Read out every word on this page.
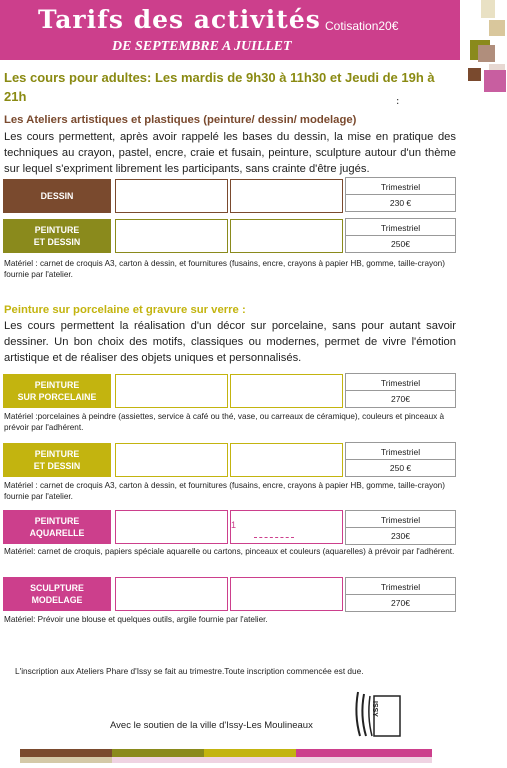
Tarifs des activités Cotisation20€
DE SEPTEMBRE A JUILLET
Les cours pour adultes: Les mardis de 9h30 à 11h30 et Jeudi de 19h à
21h	:
Les Ateliers artistiques et plastiques (peinture/ dessin/ modelage)
Les cours permettent, après avoir rappelé les bases du dessin, la mise en pratique des techniques au crayon, pastel, encre, craie et fusain, peinture, sculpture autour d'un thème sur lequel s'expriment librement les participants, sans crainte d'être jugés.
DESSIN
Trimestriel
230 €
PEINTURE
ET DESSIN
Trimestriel
250€
Matériel : carnet de croquis A3, carton à dessin, et fournitures (fusains, encre, crayons à papier HB, gomme, taille-crayon) fournie par l'atelier.
Peinture sur porcelaine et gravure sur verre :
Les cours permettent la réalisation d'un décor sur porcelaine, sans pour autant savoir dessiner. Un bon choix des motifs, classiques ou modernes, permet de vivre l'émotion artistique et de réaliser des objets uniques et personnalisés.
PEINTURE
SUR PORCELAINE
Trimestriel
270€
Matériel :porcelaines à peindre (assiettes, service à café ou thé, vase, ou carreaux de céramique), couleurs et pinceaux à prévoir par l'adhérent.
PEINTURE
ET DESSIN
Trimestriel
250 €
Matériel : carnet de croquis A3, carton à dessin, et fournitures (fusains, encre, crayons à papier HB, gomme, taille-crayon) fournie par l'atelier.
PEINTURE
AQUARELLE
1	Trimestriel
230€
Matériel: carnet de croquis, papiers spéciale aquarelle ou cartons, pinceaux et couleurs (aquarelles) à prévoir par l'adhérent.
SCULPTURE
MODELAGE
Trimestriel
270€
Matériel: Prévoir une blouse et quelques outils, argile fournie par l'atelier.
L'inscription aux Ateliers Phare d'Issy se fait au trimestre.Toute inscription commencée est due.
Avec le soutien de la ville d'Issy-Les Moulineaux
ISSY
